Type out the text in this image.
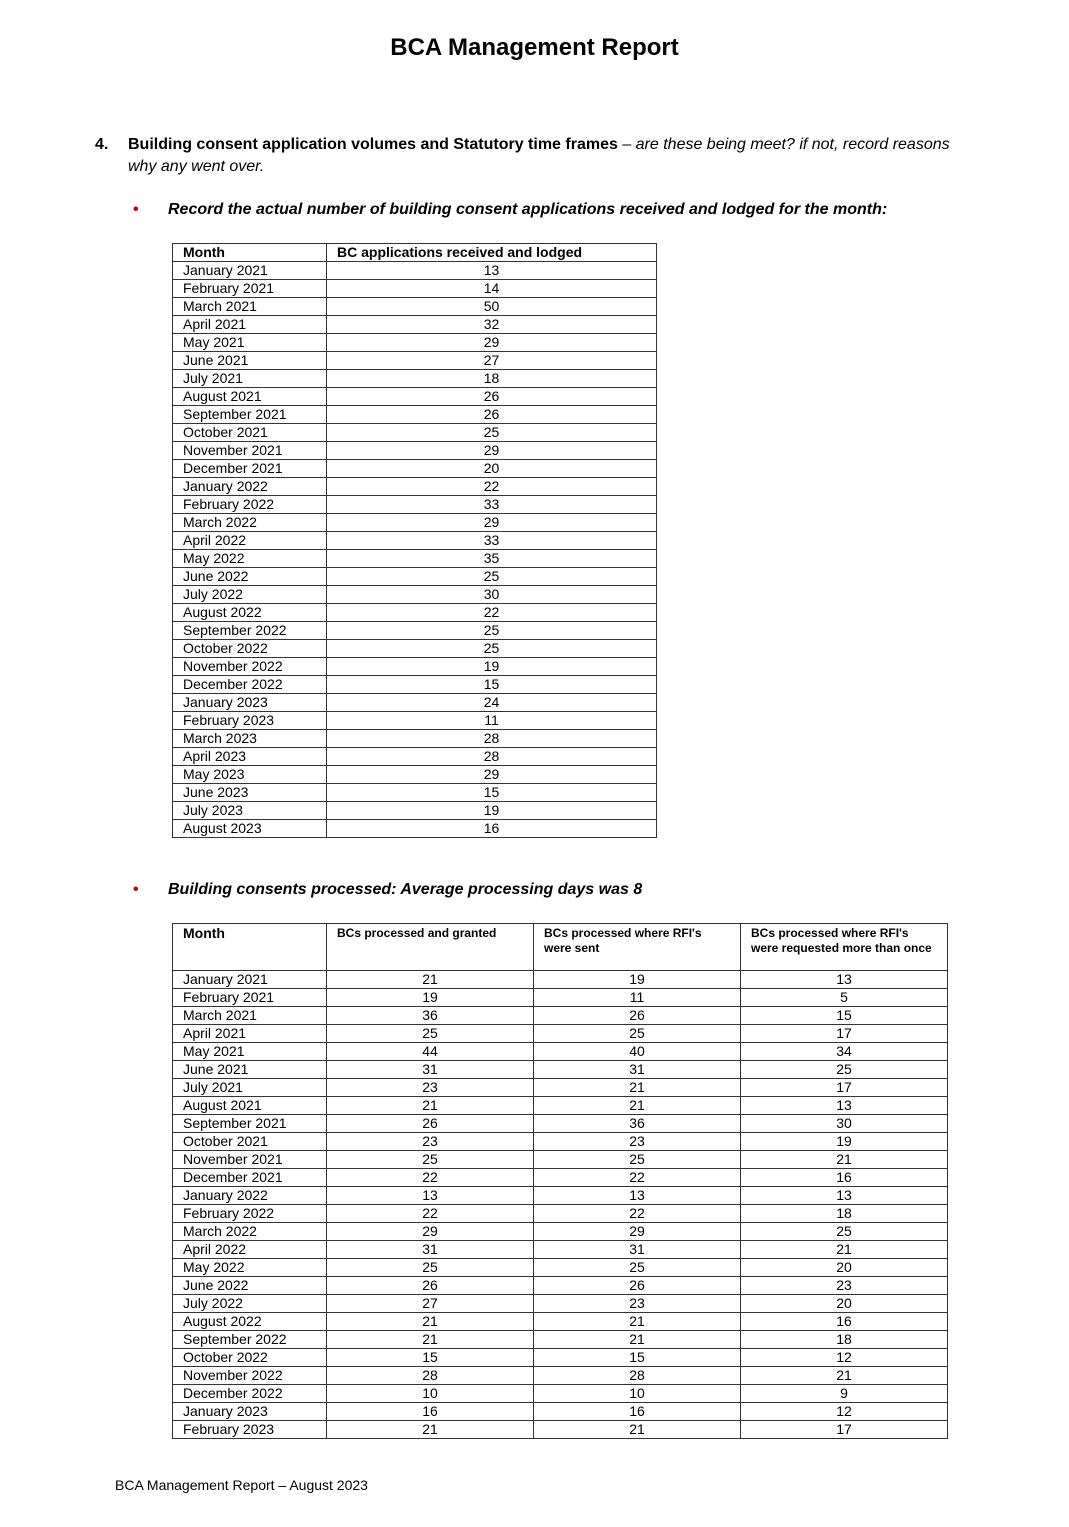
BCA Management Report
4. Building consent application volumes and Statutory time frames – are these being meet? if not, record reasons why any went over.
• Record the actual number of building consent applications received and lodged for the month:
Month	BC applications received and lodged
January 2021	13
February 2021	14
March 2021	50
April 2021	32
May 2021	29
June 2021	27
July 2021	18
August 2021	26
September 2021	26
October 2021	25
November 2021	29
December 2021	20
January 2022	22
February 2022	33
March 2022	29
April 2022	33
May 2022	35
June 2022	25
July 2022	30
August 2022	22
September 2022	25
October 2022	25
November 2022	19
December 2022	15
January 2023	24
February 2023	11
March 2023	28
April 2023	28
May 2023	29
June 2023	15
July 2023	19
August 2023	16
• Building consents processed: Average processing days was 8
Month	BCs processed and granted	BCs processed where RFI's were sent	BCs processed where RFI's were requested more than once
January 2021	21	19	13
February 2021	19	11	5
March 2021	36	26	15
April 2021	25	25	17
May 2021	44	40	34
June 2021	31	31	25
July 2021	23	21	17
August 2021	21	21	13
September 2021	26	36	30
October 2021	23	23	19
November 2021	25	25	21
December 2021	22	22	16
January 2022	13	13	13
February 2022	22	22	18
March 2022	29	29	25
April 2022	31	31	21
May 2022	25	25	20
June 2022	26	26	23
July 2022	27	23	20
August 2022	21	21	16
September 2022	21	21	18
October 2022	15	15	12
November 2022	28	28	21
December 2022	10	10	9
January 2023	16	16	12
February 2023	21	21	17
BCA Management Report – August 2023
